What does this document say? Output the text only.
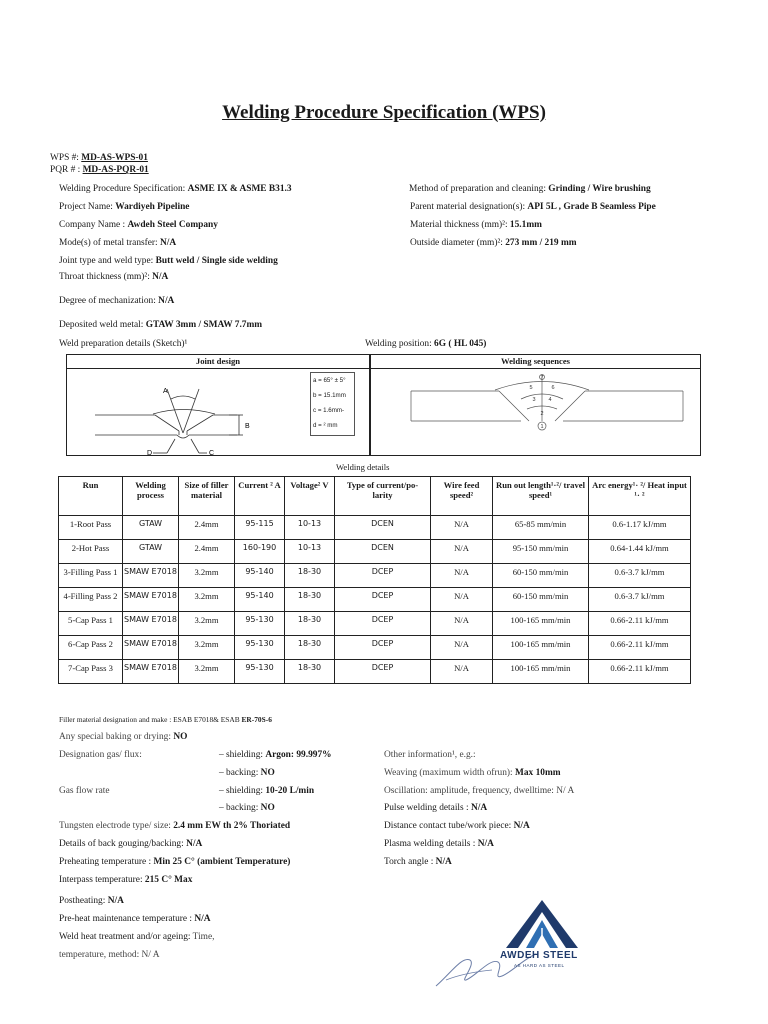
Welding Procedure Specification (WPS)
WPS #: MD-AS-WPS-01
PQR # : MD-AS-PQR-01
Welding Procedure Specification: ASME IX & ASME B31.3
Project Name: Wardiyeh Pipeline
Company Name : Awdeh Steel Company
Mode(s) of metal transfer: N/A
Joint type and weld type: Butt weld / Single side welding
Throat thickness (mm)²: N/A
Method of preparation and cleaning: Grinding / Wire brushing
Parent material designation(s): API 5L , Grade B Seamless Pipe
Material thickness (mm)²: 15.1mm
Outside diameter (mm)²: 273 mm / 219 mm
Degree of mechanization: N/A
Deposited weld metal: GTAW 3mm / SMAW 7.7mm
Weld preparation details (Sketch)¹	Welding position: 6G ( HL 045)
Joint design
A
B
C
D
a = 65° ± 5°
b = 15.1mm
c = 1.6mm-
d = ² mm
Welding sequences
7
5	6
3 4
2
1
Welding details
Run	Welding process	Size of filler material	Current ² A	Voltage² V	Type of current/po- larity	Wire feed speed²	Run out length¹·²/ travel speed¹	Arc energy¹· ²/ Heat input ¹· ²
1-Root Pass	GTAW	2.4mm	95-115	10-13	DCEN	N/A	65-85 mm/min	0.6-1.17 kJ/mm
2-Hot Pass	GTAW	2.4mm	160-190	10-13	DCEN	N/A	95-150 mm/min	0.64-1.44 kJ/mm
3-Filling Pass 1	SMAW E7018	3.2mm	95-140	18-30	DCEP	N/A	60-150 mm/min	0.6-3.7 kJ/mm
4-Filling Pass 2	SMAW E7018	3.2mm	95-140	18-30	DCEP	N/A	60-150 mm/min	0.6-3.7 kJ/mm
5-Cap Pass 1	SMAW E7018	3.2mm	95-130	18-30	DCEP	N/A	100-165 mm/min	0.66-2.11 kJ/mm
6-Cap Pass 2	SMAW E7018	3.2mm	95-130	18-30	DCEP	N/A	100-165 mm/min	0.66-2.11 kJ/mm
7-Cap Pass 3	SMAW E7018	3.2mm	95-130	18-30	DCEP	N/A	100-165 mm/min	0.66-2.11 kJ/mm
Filler material designation and make : ESAB E7018& ESAB ER-70S-6
Any special baking or drying: NO
Designation gas/ flux:	– shielding: Argon: 99.997%
– backing: NO
Gas flow rate	– shielding: 10-20 L/min
– backing: NO
Tungsten electrode type/ size: 2.4 mm EW th 2% Thoriated
Details of back gouging/backing: N/A
Preheating temperature : Min 25 C° (ambient Temperature)
Interpass temperature: 215 C° Max
Other information¹, e.g.:
Weaving (maximum width ofrun): Max 10mm
Oscillation: amplitude, frequency, dwelltime: N/ A
Pulse welding details : N/A
Distance contact tube/work piece: N/A
Plasma welding details : N/A
Torch angle : N/A
Postheating: N/A
Pre-heat maintenance temperature : N/A
Weld heat treatment and/or ageing: Time,
temperature, method: N/ A	AWDEH STEEL
AS HARD AS STEEL
